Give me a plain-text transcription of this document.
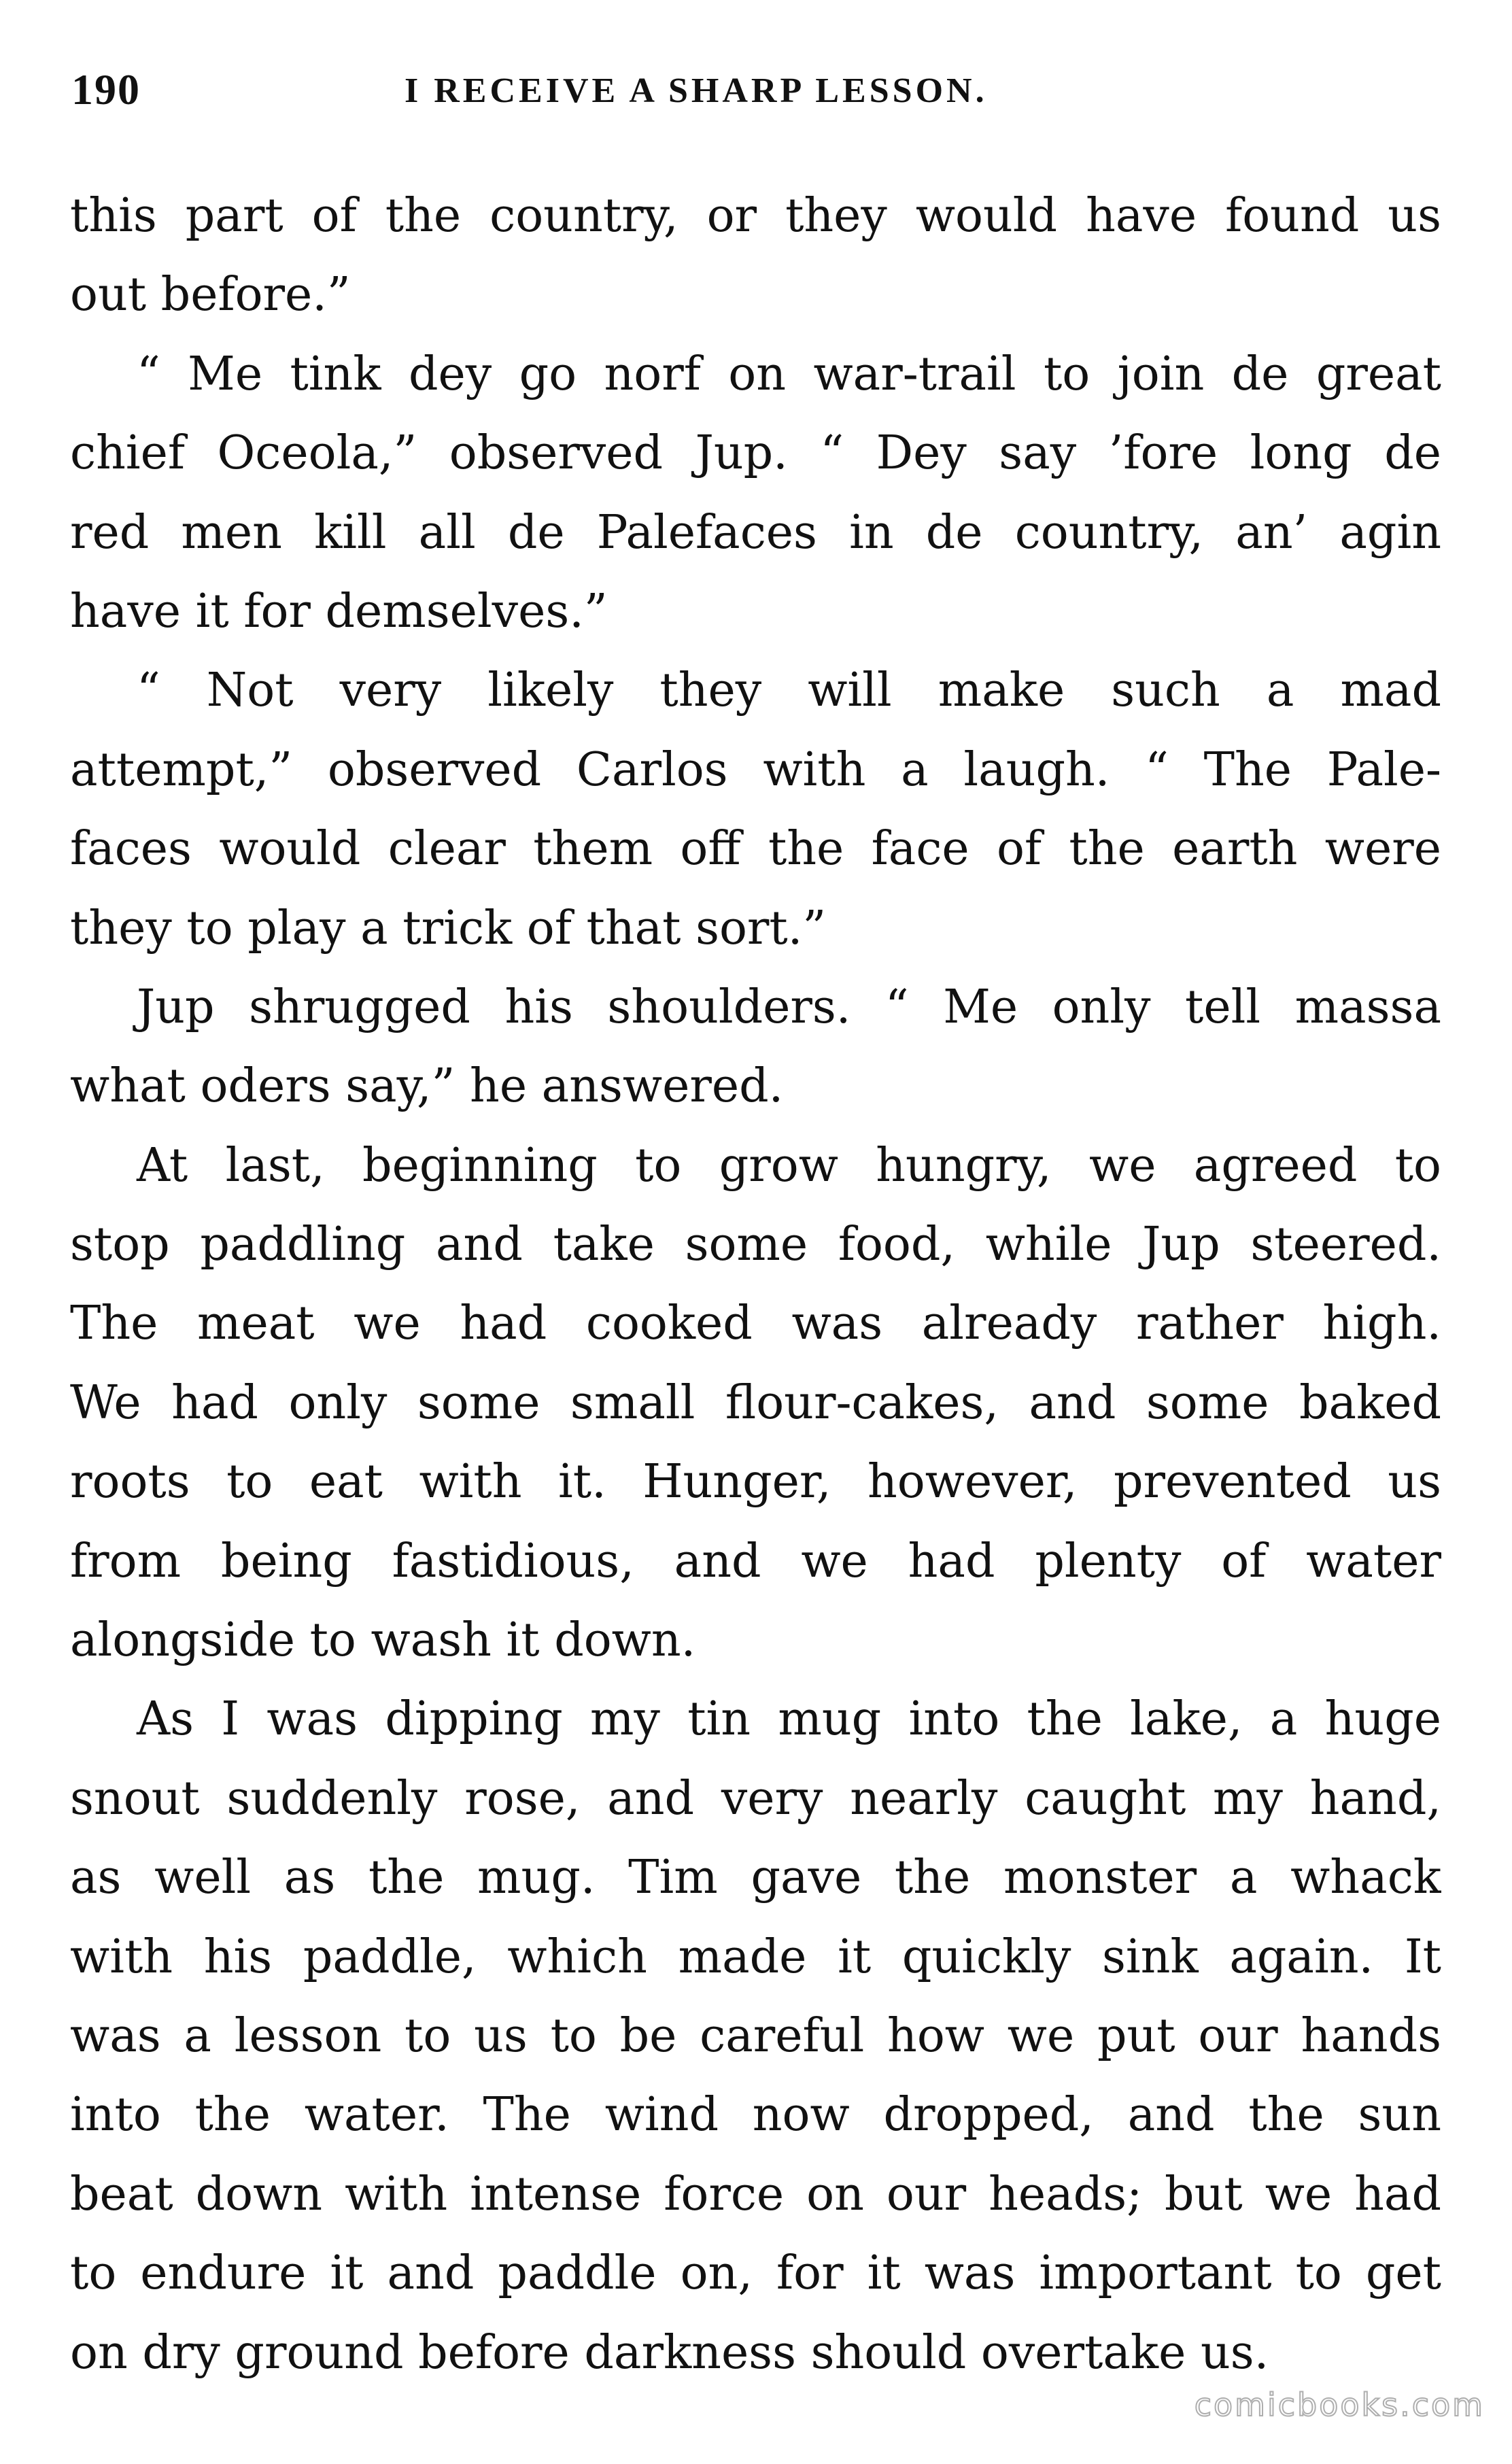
190	I RECEIVE A SHARP LESSON.
this part of the country, or they would have found us
out before.”
“ Me tink dey go norf on war-trail to join de great
chief Oceola,” observed Jup. “ Dey say ’fore long de
red men kill all de Palefaces in de country, an’ agin
have it for demselves.”
“ Not very likely they will make such a mad
attempt,” observed Carlos with a laugh. “ The Pale-
faces would clear them off the face of the earth were
they to play a trick of that sort.”
Jup shrugged his shoulders. “ Me only tell massa
what oders say,” he answered.
At last, beginning to grow hungry, we agreed to
stop paddling and take some food, while Jup steered.
The meat we had cooked was already rather high.
We had only some small flour-cakes, and some baked
roots to eat with it. Hunger, however, prevented us
from being fastidious, and we had plenty of water
alongside to wash it down.
As I was dipping my tin mug into the lake, a huge
snout suddenly rose, and very nearly caught my hand,
as well as the mug. Tim gave the monster a whack
with his paddle, which made it quickly sink again. It
was a lesson to us to be careful how we put our hands
into the water. The wind now dropped, and the sun
beat down with intense force on our heads; but we had
to endure it and paddle on, for it was important to get
on dry ground before darkness should overtake us.
comicbooks.com
